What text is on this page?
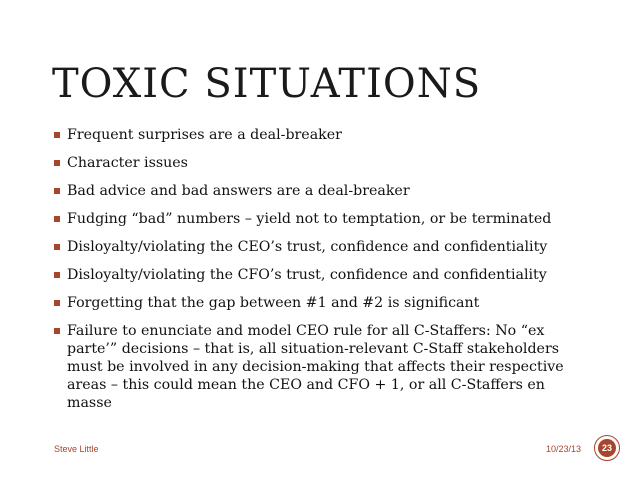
TOXIC SITUATIONS
Frequent surprises are a deal-breaker
Character issues
Bad advice and bad answers are a deal-breaker
Fudging “bad” numbers – yield not to temptation, or be terminated
Disloyalty/violating the CEO’s trust, confidence and confidentiality
Disloyalty/violating the CFO’s trust, confidence and confidentiality
Forgetting that the gap between #1 and #2 is significant
Failure to enunciate and model CEO rule for all C-Staffers: No “ex parte’” decisions – that is, all situation-relevant C-Staff stakeholders must be involved in any decision-making that affects their respective areas – this could mean the CEO and CFO + 1, or all C-Staffers en masse
Steve Little	10/23/13	23
